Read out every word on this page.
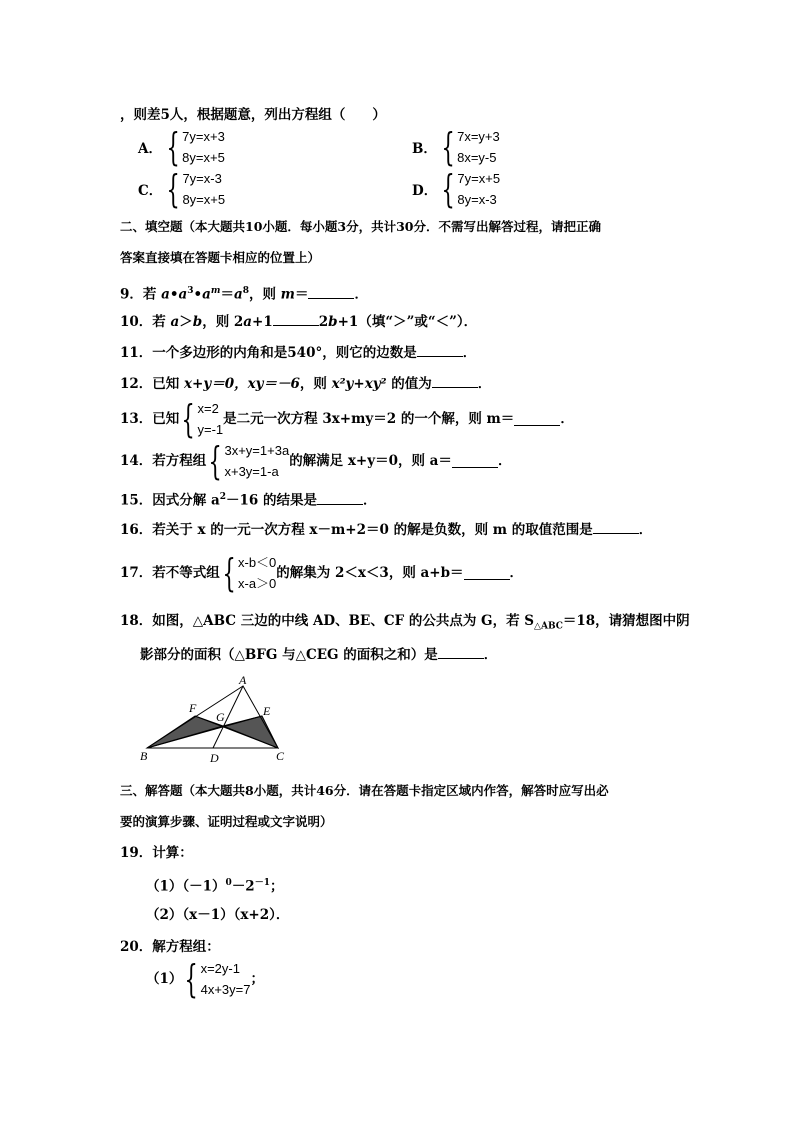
，则差5人，根据题意，列出方程组（　　）
A． { 7y=x+3
8y=x+5
B． { 7x=y+3
8x=y-5
C． { 7y=x-3
8y=x+5
D． { 7y=x+5
8y=x-3
二、填空题（本大题共10小题．每小题3分，共计30分．不需写出解答过程，请把正确
答案直接填在答题卡相应的位置上）
9．若 $a•a^3•a^m=a^8$，则 m＝	．
10．若 a＞b，则 2a+1	2b+1（填“＞”或“＜”）．
11．一个多边形的内角和是540°，则它的边数是	．
12．已知 x+y＝0，xy＝－6，则 x²y+xy² 的值为	．
13．已知 { x=2
y=-1
是二元一次方程 3x+my＝2 的一个解，则 m＝	．
14．若方程组 { 3x+y=1+3a
x+3y=1-a
的解满足 x+y＝0，则 a＝	．
15．因式分解 $a^2-16$ 的结果是	．
16．若关于 x 的一元一次方程 x－m+2＝0 的解是负数，则 m 的取值范围是	．
17．若不等式组 { x-b＜0
x-a＞0
的解集为 2＜x＜3，则 a+b＝	．
18．如图，△ABC 三边的中线 AD、BE、CF 的公共点为 G，若 $S_{\triangle ABC}=18$，请猜想图中阴
影部分的面积（△BFG 与△CEG 的面积之和）是	．
A
B	C
D
E
F
G
三、解答题（本大题共8小题，共计46分．请在答题卡指定区域内作答，解答时应写出必
要的演算步骤、证明过程或文字说明）
19．计算：
$(1)(-1)^0-2^{-1}$；
（2）（x－1）（x+2）．
20．解方程组：
（1） { x=2y-1
4x+3y=7
；
